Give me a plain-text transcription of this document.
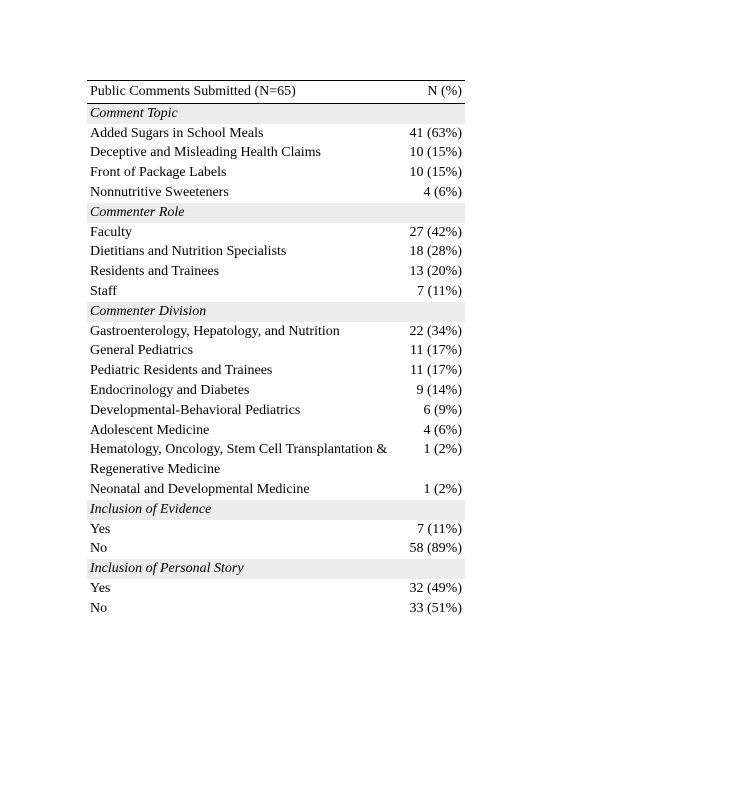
Public Comments Submitted (N=65)	N (%)
Comment Topic	
Added Sugars in School Meals	41 (63%)
Deceptive and Misleading Health Claims	10 (15%)
Front of Package Labels	10 (15%)
Nonnutritive Sweeteners	4 (6%)
Commenter Role	
Faculty	27 (42%)
Dietitians and Nutrition Specialists	18 (28%)
Residents and Trainees	13 (20%)
Staff	7 (11%)
Commenter Division	
Gastroenterology, Hepatology, and Nutrition	22 (34%)
General Pediatrics	11 (17%)
Pediatric Residents and Trainees	11 (17%)
Endocrinology and Diabetes	9 (14%)
Developmental-Behavioral Pediatrics	6 (9%)
Adolescent Medicine	4 (6%)
Hematology, Oncology, Stem Cell Transplantation & Regenerative Medicine	1 (2%)
Neonatal and Developmental Medicine	1 (2%)
Inclusion of Evidence	
Yes	7 (11%)
No	58 (89%)
Inclusion of Personal Story	
Yes	32 (49%)
No	33 (51%)
